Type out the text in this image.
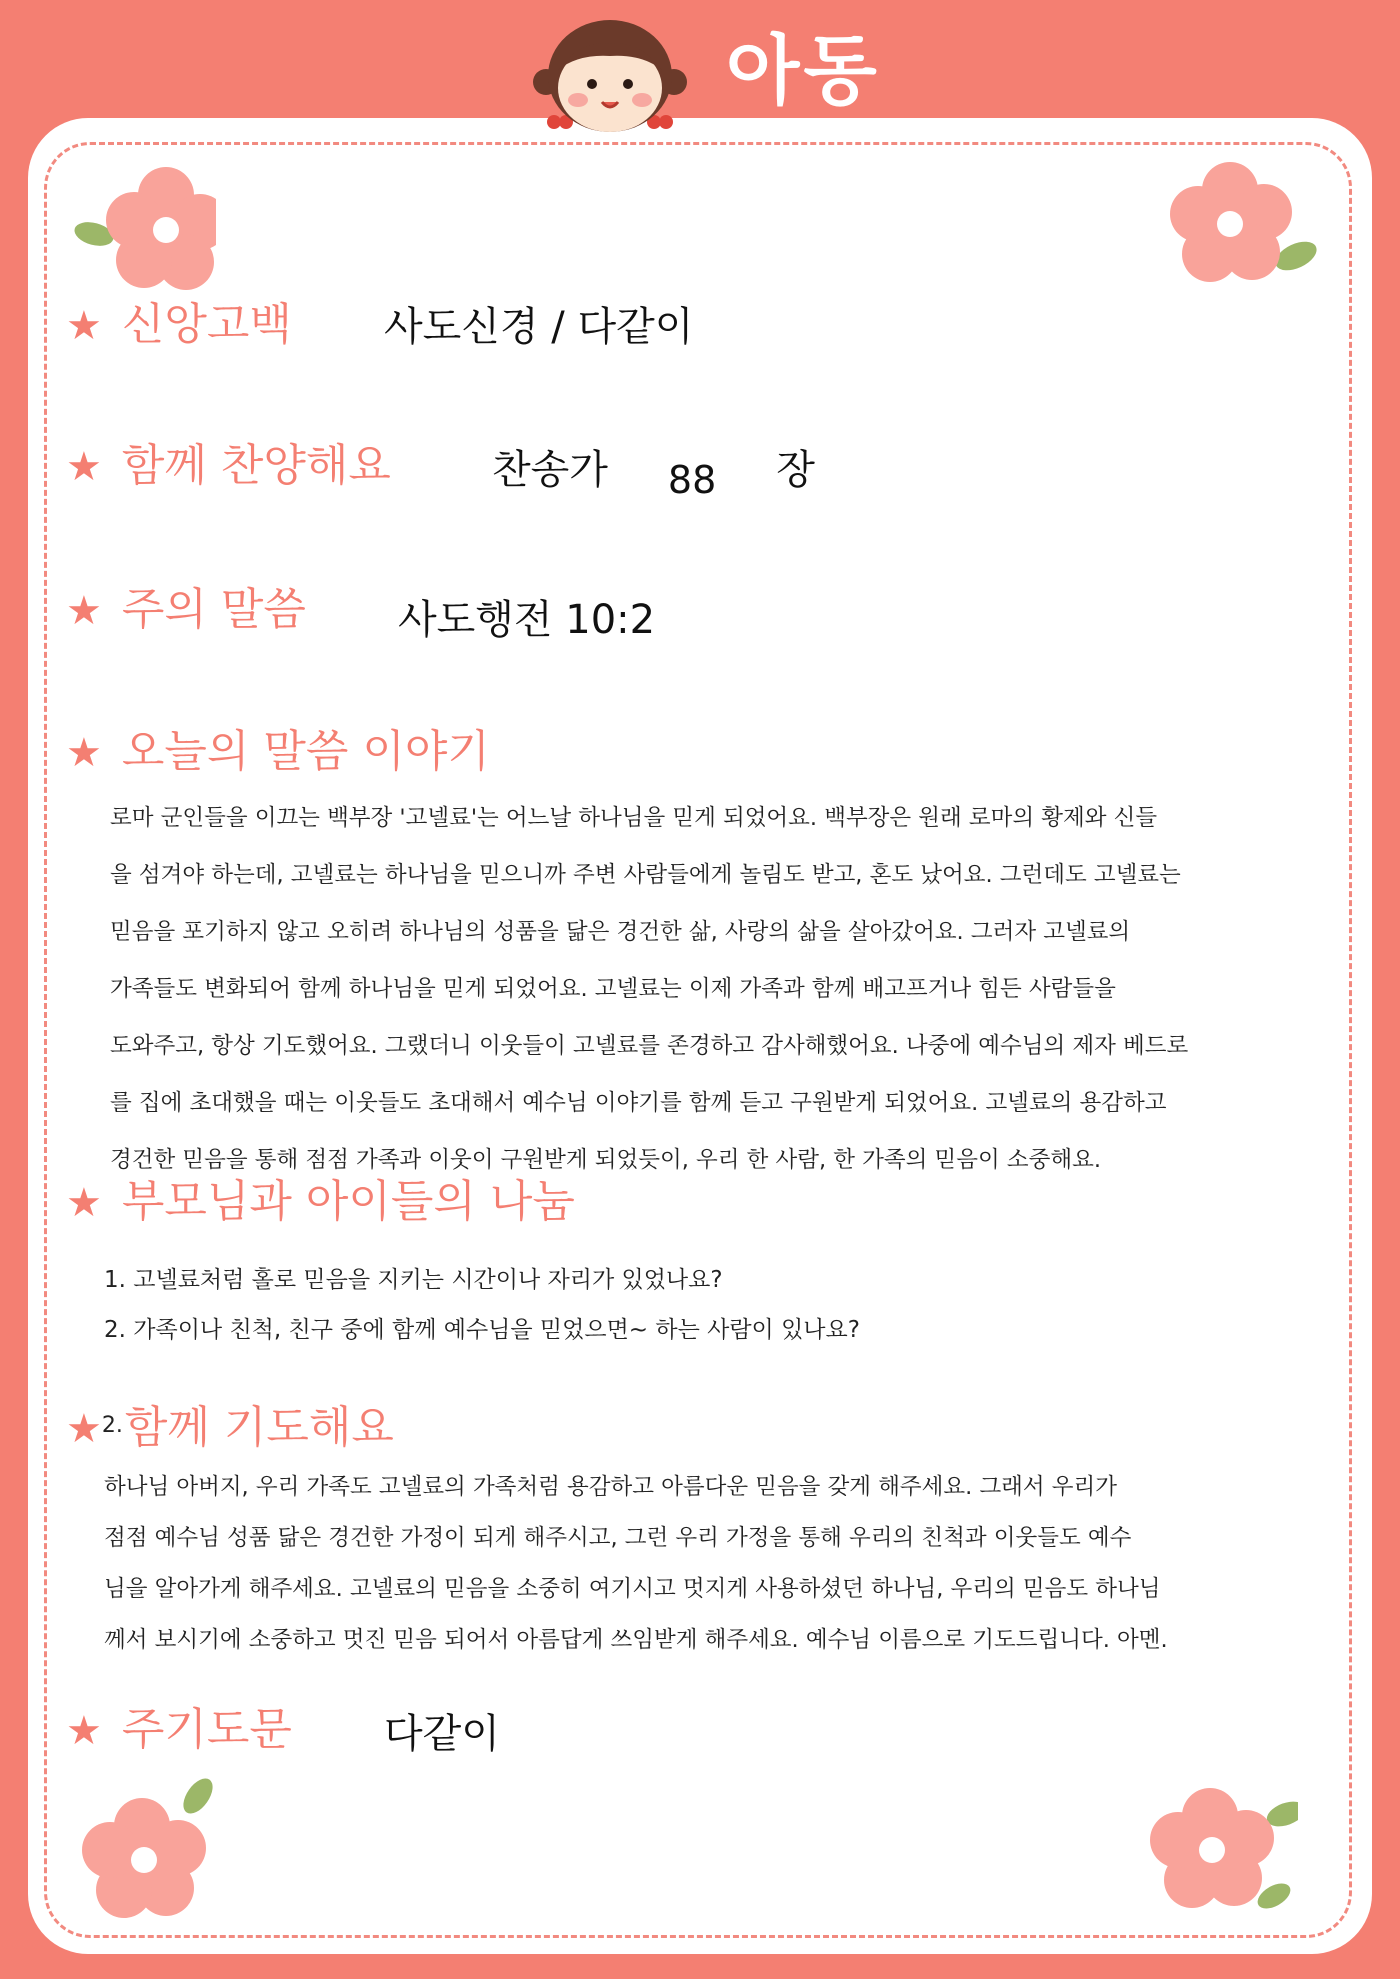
아동
★ 신앙고백 사도신경 / 다같이
★ 함께 찬양해요	찬송가 88 장
★ 주의 말씀 사도행전 10:2
★ 오늘의 말씀 이야기
★ 부모님과 아이들의 나눔
★2.함께 기도해요
★ 주기도문 다같이
